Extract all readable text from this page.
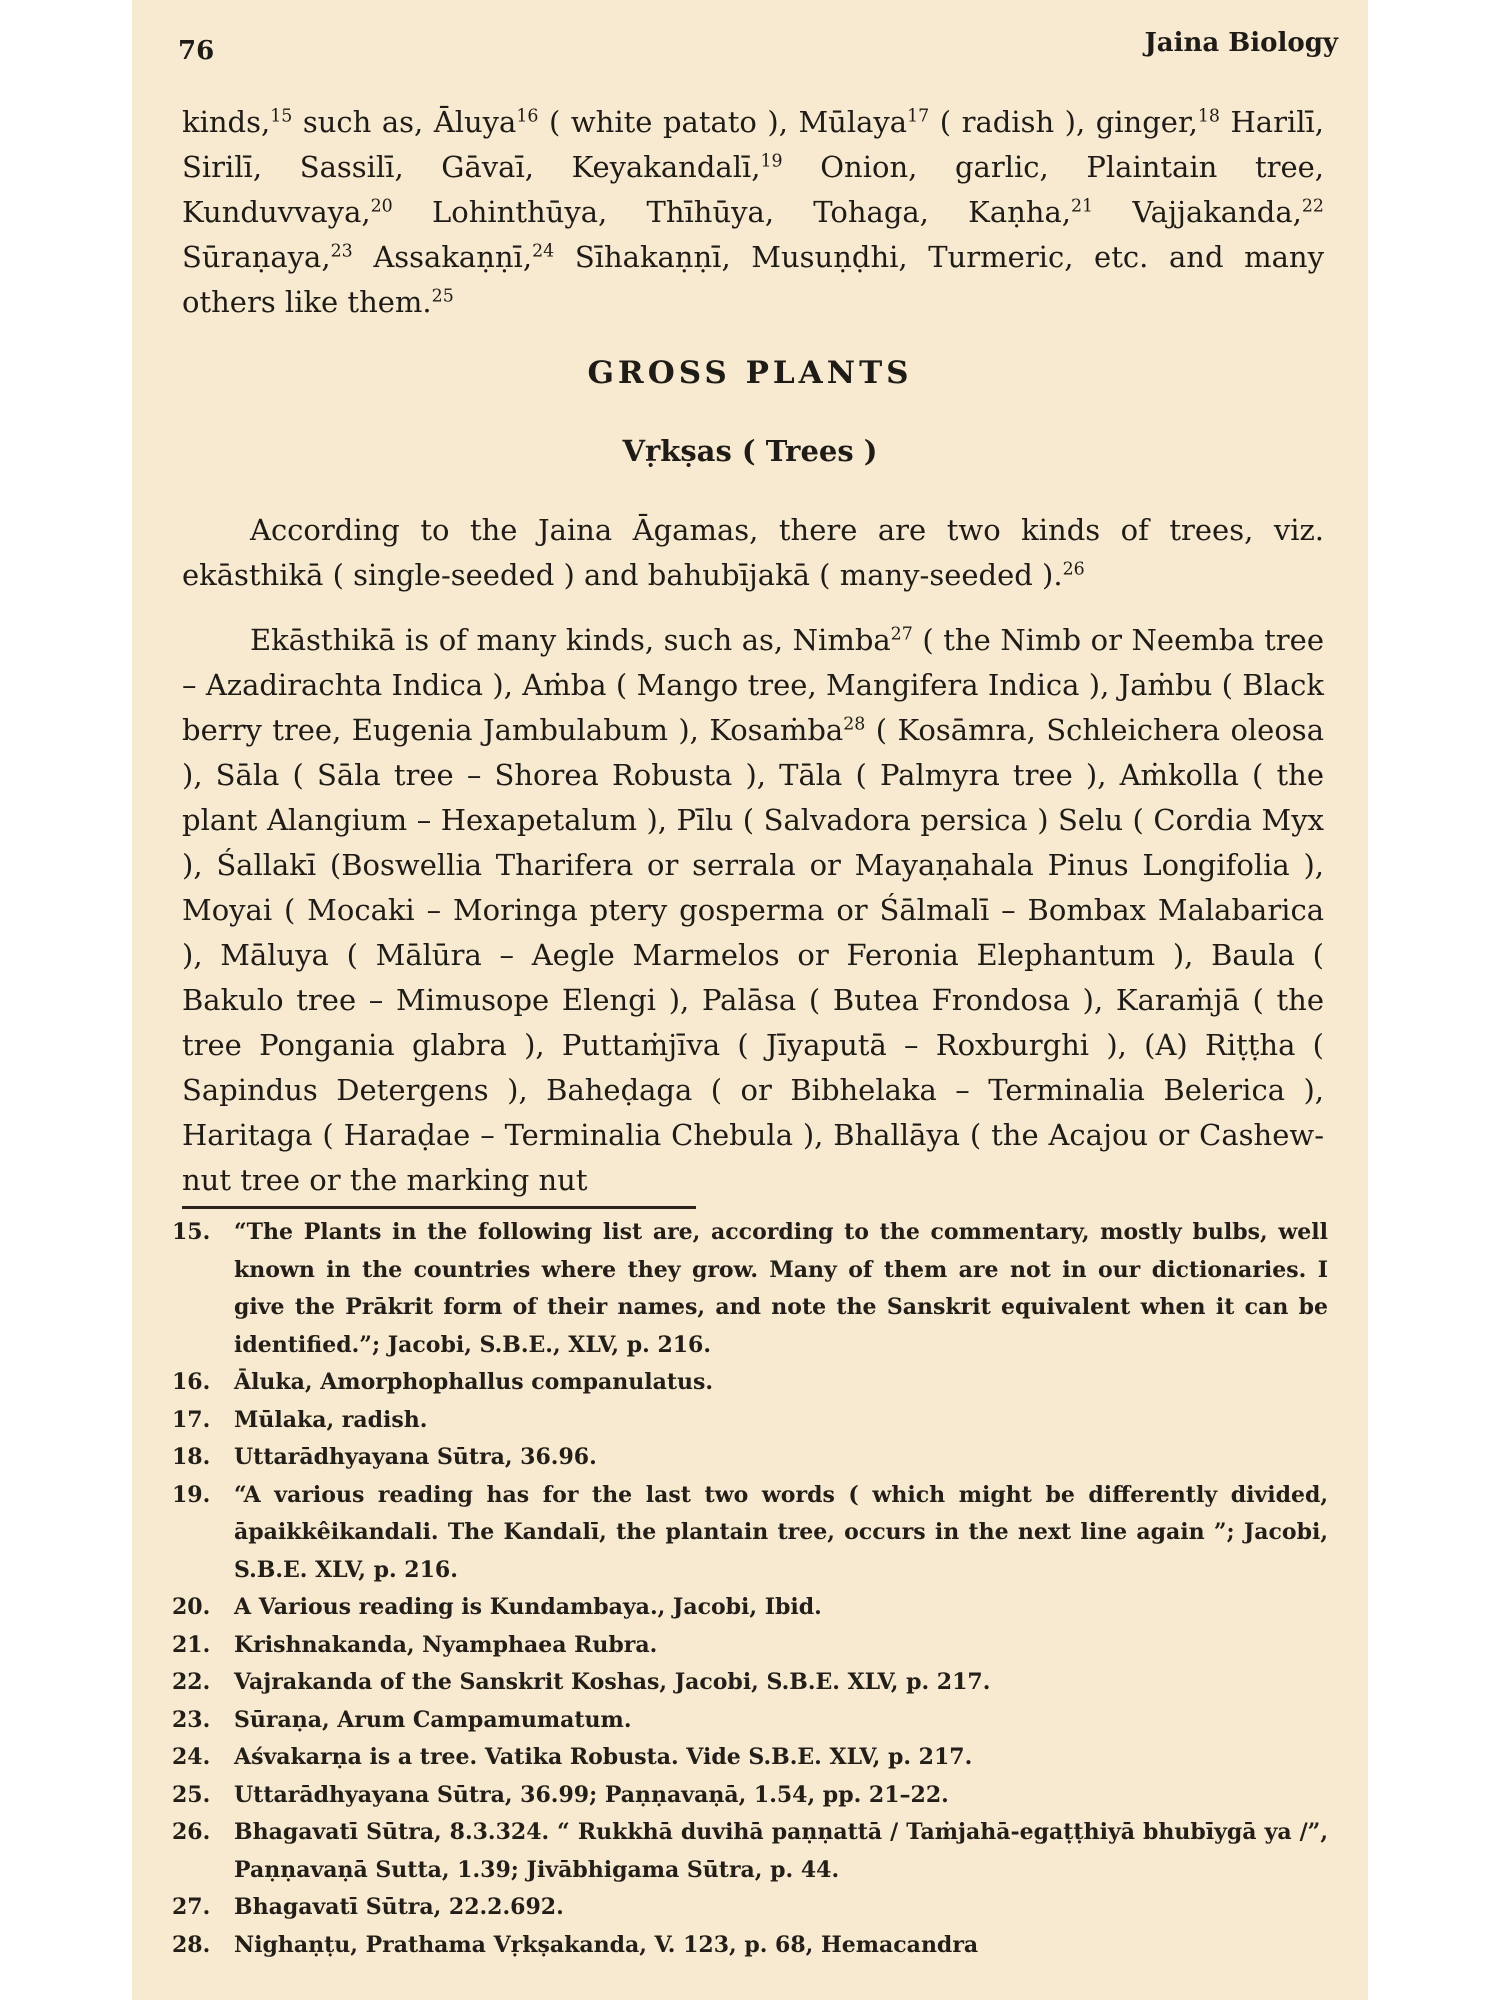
76	Jaina Biology

kinds,$^{15}$ such as, Āluya$^{16}$ ( white patato ), Mūlaya$^{17}$ ( radish ), ginger,$^{18}$ Harilī, Sirilī, Sassilī, Gāvaī, Keyakandalī,$^{19}$ Onion, garlic, Plaintain tree, Kunduvvaya,$^{20}$ Lohinthūya, Thīhūya, Tohaga, Kaṇha,$^{21}$ Vajjakanda,$^{22}$ Sūraṇaya,$^{23}$ Assakaṇṇī,$^{24}$ Sīhakaṇṇī, Musuṇḍhi, Turmeric, etc. and many others like them.$^{25}$

GROSS PLANTS
Vṛkṣas ( Trees )

According to the Jaina Āgamas, there are two kinds of trees, viz. ekāsthikā ( single-seeded ) and bahubījakā ( many-seeded ).$^{26}$

Ekāsthikā is of many kinds, such as, Nimba$^{27}$ ( the Nimb or Neemba tree – Azadirachta Indica ), Aṁba ( Mango tree, Mangifera Indica ), Jaṁbu ( Black berry tree, Eugenia Jambulabum ), Kosaṁba$^{28}$ ( Kosāmra, Schleichera oleosa ), Sāla ( Sāla tree – Shorea Robusta ), Tāla ( Palmyra tree ), Aṁkolla ( the plant Alangium – Hexapetalum ), Pīlu ( Salvadora persica ) Selu ( Cordia Myx ), Śallakī (Boswellia Tharifera or serrala or Mayaṇahala Pinus Longifolia ), Moyai ( Mocaki – Moringa ptery gosperma or Śālmalī – Bombax Malabarica ), Māluya ( Mālūra – Aegle Marmelos or Feronia Elephantum ), Baula ( Bakulo tree – Mimusope Elengi ), Palāsa ( Butea Frondosa ), Karaṁjā ( the tree Pongania glabra ), Puttaṁjīva ( Jīyaputā – Roxburghi ), (A) Riṭṭha ( Sapindus Detergens ), Baheḍaga ( or Bibhelaka – Terminalia Belerica ), Haritaga ( Haraḍae – Terminalia Chebula ), Bhallāya ( the Acajou or Cashew-nut tree or the marking nut

15.	“The Plants in the following list are, according to the commentary, mostly bulbs, well known in the countries where they grow. Many of them are not in our dictionaries. I give the Prākrit form of their names, and note the Sanskrit equivalent when it can be identified.”; Jacobi, S.B.E., XLV, p. 216.
16.	Āluka, Amorphophallus companulatus.
17.	Mūlaka, radish.
18.	Uttarādhyayana Sūtra, 36.96.
19.	“A various reading has for the last two words ( which might be differently divided, āpaikkêikandali. The Kandalī, the plantain tree, occurs in the next line again ”; Jacobi, S.B.E. XLV, p. 216.
20.	A Various reading is Kundambaya., Jacobi, Ibid.
21.	Krishnakanda, Nyamphaea Rubra.
22.	Vajrakanda of the Sanskrit Koshas, Jacobi, S.B.E. XLV, p. 217.
23.	Sūraṇa, Arum Campamumatum.
24.	Aśvakarṇa is a tree. Vatika Robusta. Vide S.B.E. XLV, p. 217.
25.	Uttarādhyayana Sūtra, 36.99; Paṇṇavaṇā, 1.54, pp. 21–22.
26.	Bhagavatī Sūtra, 8.3.324. “ Rukkhā duvihā paṇṇattā / Taṁjahā-egaṭṭhiyā bhubīygā ya /”, Paṇṇavaṇā Sutta, 1.39; Jivābhigama Sūtra, p. 44.
27.	Bhagavatī Sūtra, 22.2.692.
28.	Nighaṇṭu, Prathama Vṛkṣakanda, V. 123, p. 68, Hemacandra
